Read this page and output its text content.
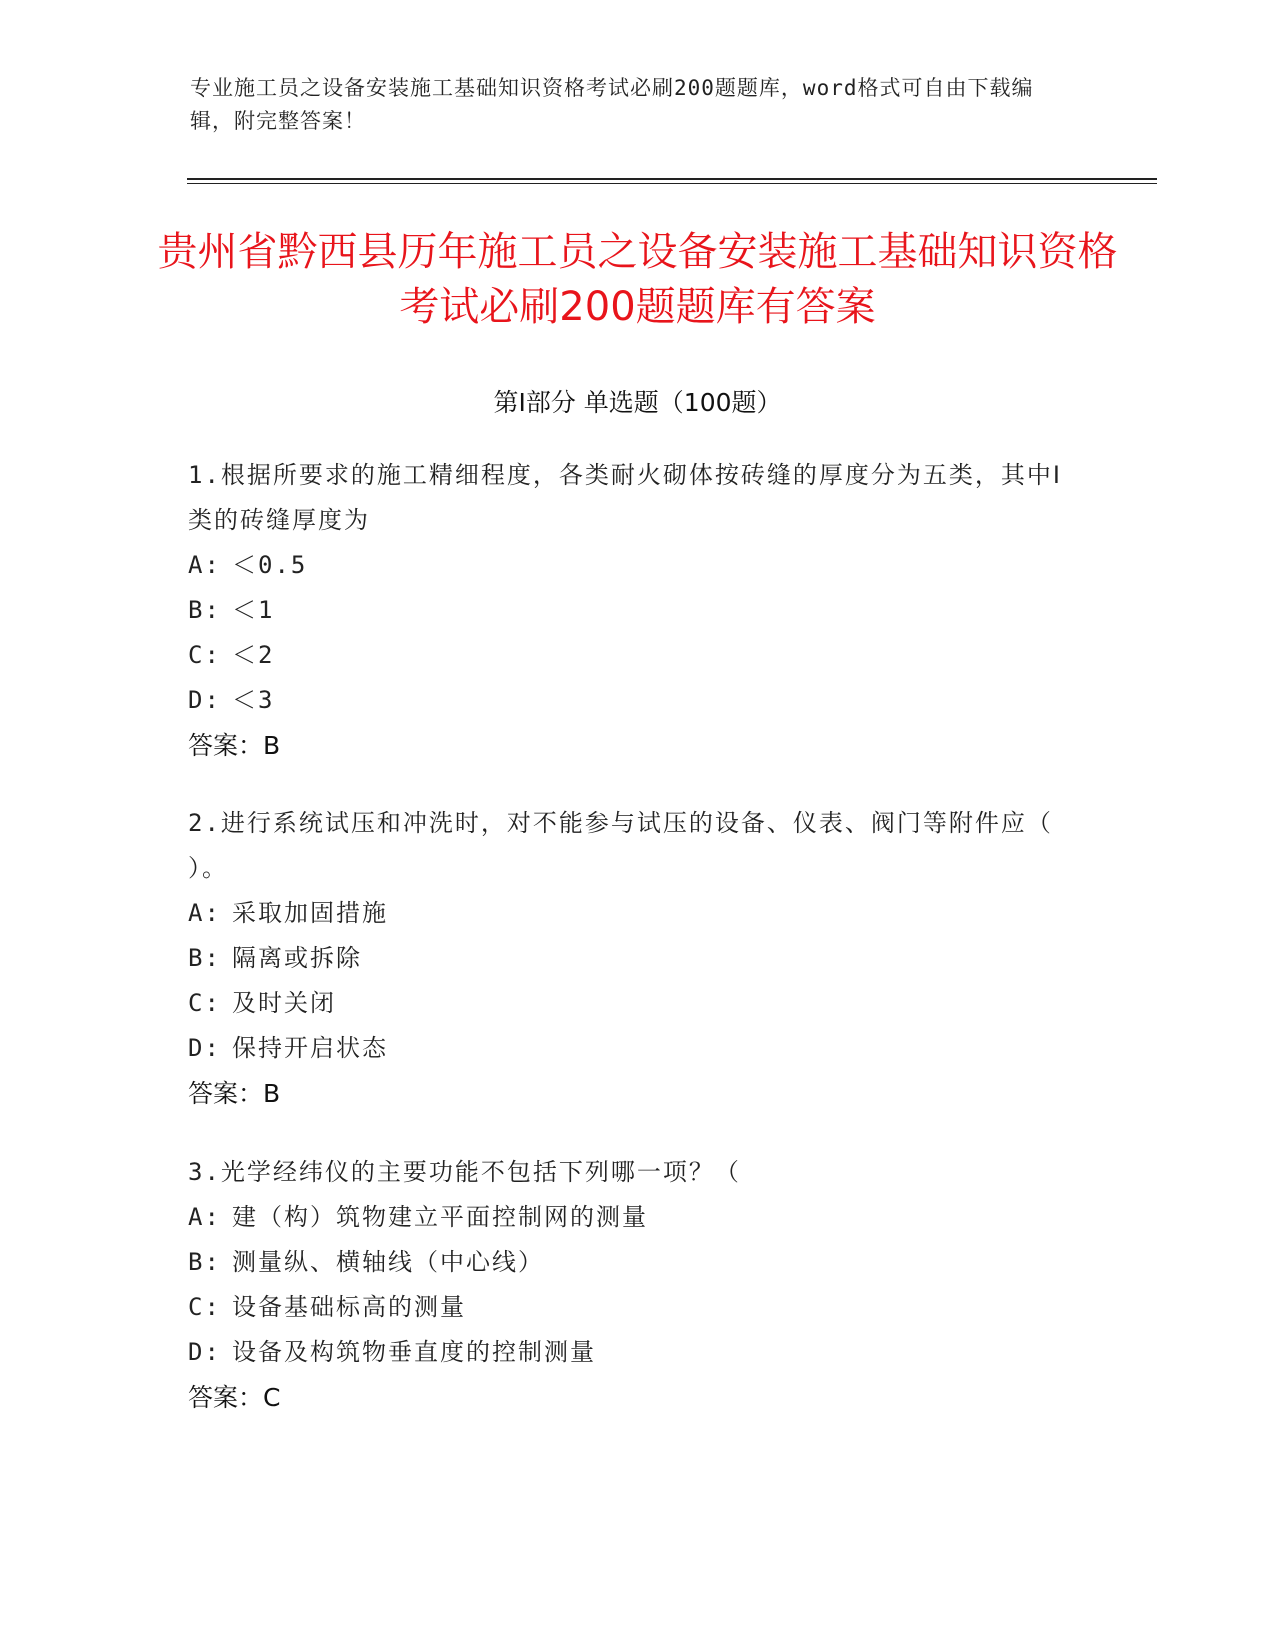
专业施工员之设备安装施工基础知识资格考试必刷200题题库，word格式可自由下载编辑，附完整答案！
贵州省黔西县历年施工员之设备安装施工基础知识资格考试必刷200题题库有答案
第Ⅰ部分 单选题（100题）
1.根据所要求的施工精细程度，各类耐火砌体按砖缝的厚度分为五类，其中Ⅰ类的砖缝厚度为
A: ＜0.5
B: ＜1
C: ＜2
D: ＜3
答案：B
2.进行系统试压和冲洗时，对不能参与试压的设备、仪表、阀门等附件应（ ）。
A: 采取加固措施
B: 隔离或拆除
C: 及时关闭
D: 保持开启状态
答案：B
3.光学经纬仪的主要功能不包括下列哪一项？（
A: 建（构）筑物建立平面控制网的测量
B: 测量纵、横轴线（中心线）
C: 设备基础标高的测量
D: 设备及构筑物垂直度的控制测量
答案：C
